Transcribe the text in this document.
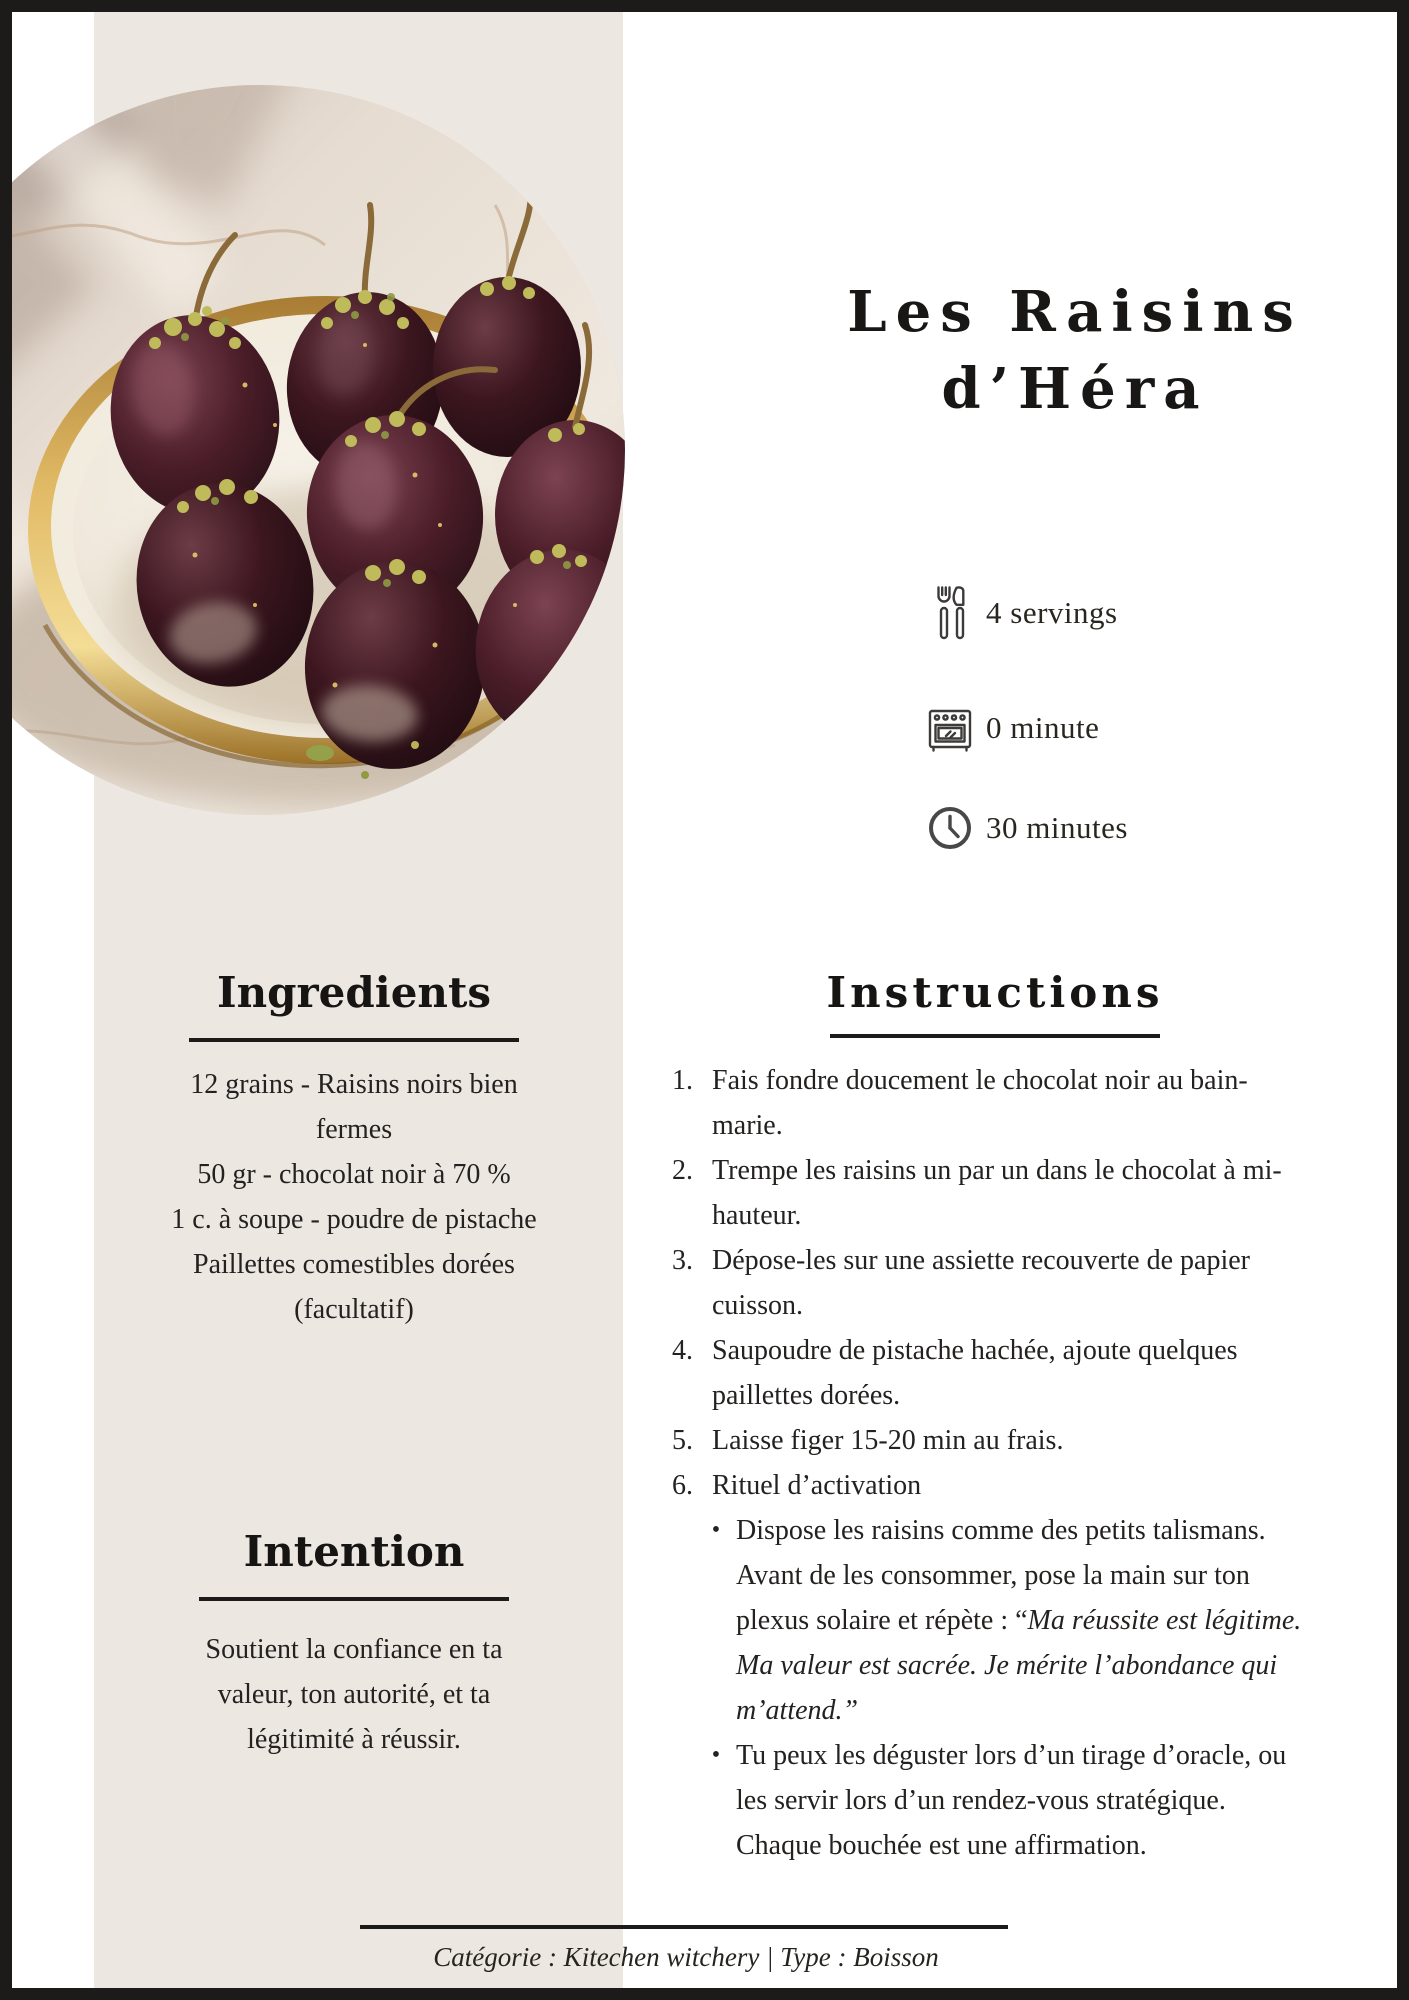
Les Raisins d’Héra
4 servings
0 minute
30 minutes
Ingredients
12 grains - Raisins noirs bien fermes
50 gr - chocolat noir à 70 %
1 c. à soupe - poudre de pistache
Paillettes comestibles dorées (facultatif)
Intention
Soutient la confiance en ta valeur, ton autorité, et ta légitimité à réussir.
Instructions
1. Fais fondre doucement le chocolat noir au bain-marie.
2. Trempe les raisins un par un dans le chocolat à mi-hauteur.
3. Dépose-les sur une assiette recouverte de papier cuisson.
4. Saupoudre de pistache hachée, ajoute quelques paillettes dorées.
5. Laisse figer 15-20 min au frais.
6. Rituel d’activation
• Dispose les raisins comme des petits talismans. Avant de les consommer, pose la main sur ton plexus solaire et répète : “Ma réussite est légitime. Ma valeur est sacrée. Je mérite l’abondance qui m’attend.”
• Tu peux les déguster lors d’un tirage d’oracle, ou les servir lors d’un rendez-vous stratégique. Chaque bouchée est une affirmation.
Catégorie : Kitechen witchery | Type : Boisson
